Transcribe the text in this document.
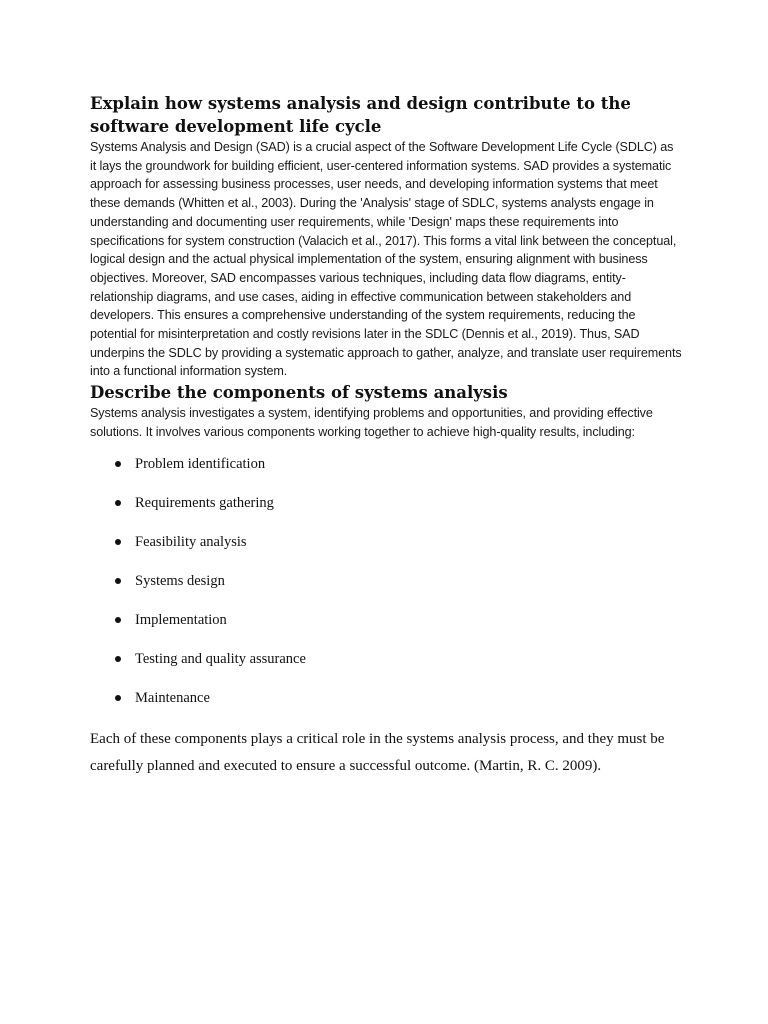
Explain how systems analysis and design contribute to the software development life cycle

Systems Analysis and Design (SAD) is a crucial aspect of the Software Development Life Cycle (SDLC) as it lays the groundwork for building efficient, user-centered information systems. SAD provides a systematic approach for assessing business processes, user needs, and developing information systems that meet these demands (Whitten et al., 2003). During the 'Analysis' stage of SDLC, systems analysts engage in understanding and documenting user requirements, while 'Design' maps these requirements into specifications for system construction (Valacich et al., 2017). This forms a vital link between the conceptual, logical design and the actual physical implementation of the system, ensuring alignment with business objectives. Moreover, SAD encompasses various techniques, including data flow diagrams, entity-relationship diagrams, and use cases, aiding in effective communication between stakeholders and developers. This ensures a comprehensive understanding of the system requirements, reducing the potential for misinterpretation and costly revisions later in the SDLC (Dennis et al., 2019). Thus, SAD underpins the SDLC by providing a systematic approach to gather, analyze, and translate user requirements into a functional information system.

Describe the components of systems analysis

Systems analysis investigates a system, identifying problems and opportunities, and providing effective solutions. It involves various components working together to achieve high-quality results, including:

Problem identification
Requirements gathering
Feasibility analysis
Systems design
Implementation
Testing and quality assurance
Maintenance

Each of these components plays a critical role in the systems analysis process, and they must be carefully planned and executed to ensure a successful outcome. (Martin, R. C. 2009).
